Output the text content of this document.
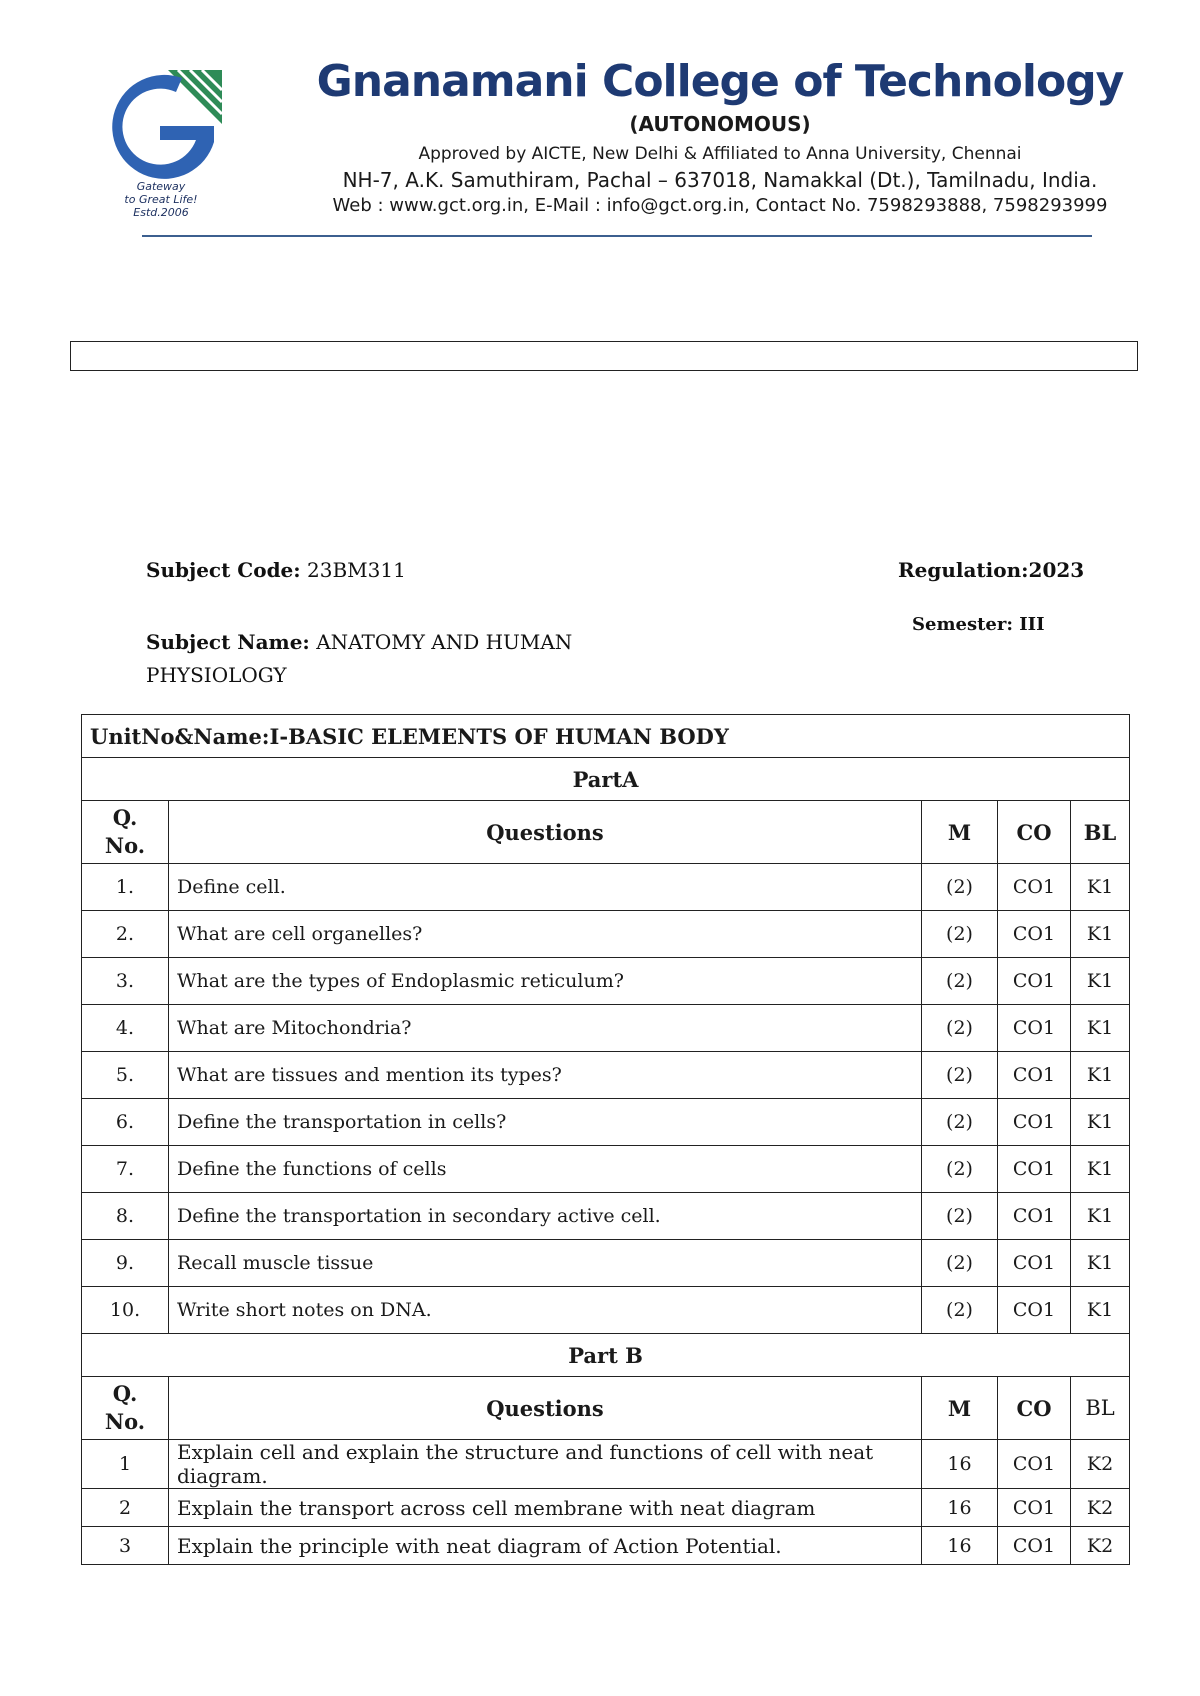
Gateway
to Great Life!
Estd.2006
Gnanamani College of Technology
(AUTONOMOUS)
Approved by AICTE, New Delhi & Affiliated to Anna University, Chennai
NH-7, A.K. Samuthiram, Pachal – 637018, Namakkal (Dt.), Tamilnadu, India.
Web : www.gct.org.in, E-Mail : info@gct.org.in, Contact No. 7598293888, 7598293999
Subject Code: 23BM311	Regulation:2023
Semester: III
Subject Name: ANATOMY AND HUMAN
PHYSIOLOGY
UnitNo&Name:I-BASIC ELEMENTS OF HUMAN BODY				
PartA				

Q.
No.	Questions	M	CO	BL
1.	Define cell.	(2)	CO1	K1
2.	What are cell organelles?	(2)	CO1	K1
3.	What are the types of Endoplasmic reticulum?	(2)	CO1	K1
4.	What are Mitochondria?	(2)	CO1	K1
5.	What are tissues and mention its types?	(2)	CO1	K1
6.	Define the transportation in cells?	(2)	CO1	K1
7.	Define the functions of cells	(2)	CO1	K1
8.	Define the transportation in secondary active cell.	(2)	CO1	K1
9.	Recall muscle tissue	(2)	CO1	K1
10.	Write short notes on DNA.	(2)	CO1	K1
Part B				

Q.
No.	Questions	M	CO	BL
1	Explain cell and explain the structure and functions of cell with neat diagram.	16	CO1	K2
2	Explain the transport across cell membrane with neat diagram	16	CO1	K2
3	Explain the principle with neat diagram of Action Potential.	16	CO1	K2
